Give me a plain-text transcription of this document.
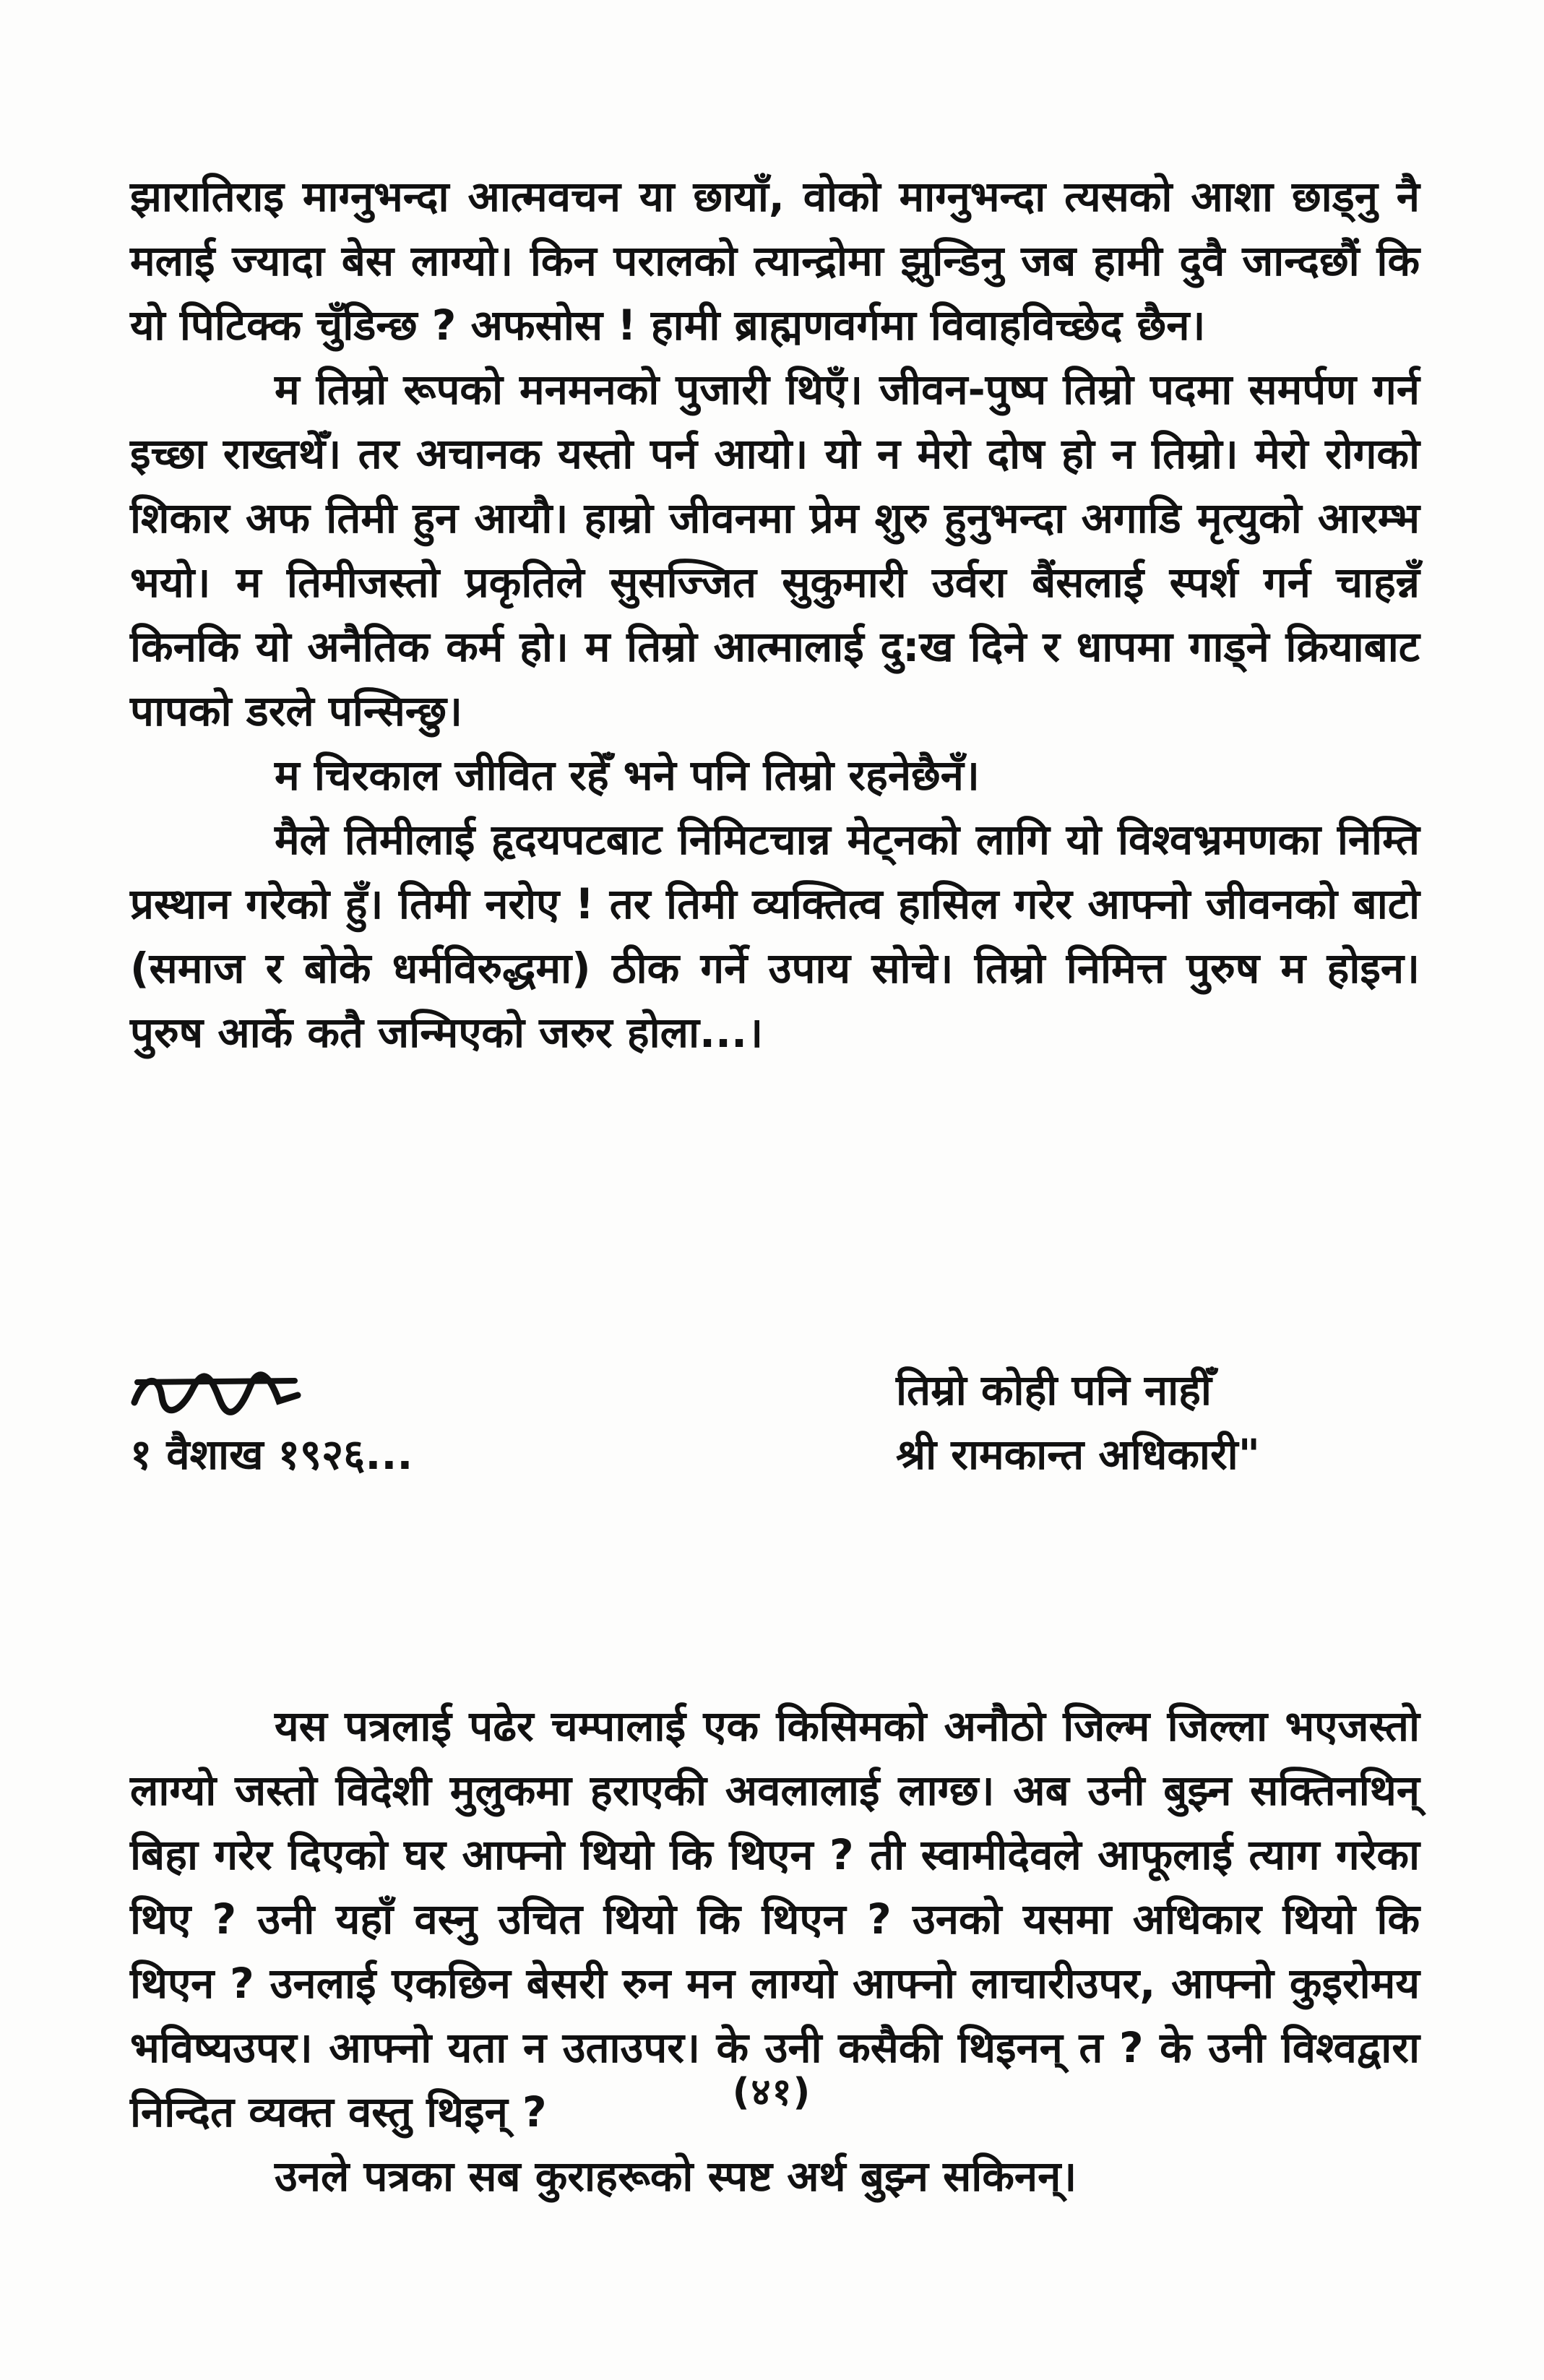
झारातिराइ माग्नुभन्दा आत्मवचन या छायाँ, वोको माग्नुभन्दा त्यसको आशा छाड्नु नै मलाई ज्यादा बेस लाग्यो। किन परालको त्यान्द्रोमा झुन्डिनु जब हामी दुवै जान्दछौं कि यो पिटिक्क चुँडिन्छ ? अफसोस ! हामी ब्राह्मणवर्गमा विवाहविच्छेद छैन।

म तिम्रो रूपको मनमनको पुजारी थिएँ। जीवन-पुष्प तिम्रो पदमा समर्पण गर्न इच्छा राख्तथेँ। तर अचानक यस्तो पर्न आयो। यो न मेरो दोष हो न तिम्रो। मेरो रोगको शिकार अफ तिमी हुन आयौ। हाम्रो जीवनमा प्रेम शुरु हुनुभन्दा अगाडि मृत्युको आरम्भ भयो। म तिमीजस्तो प्रकृतिले सुसज्जित सुकुमारी उर्वरा बैंसलाई स्पर्श गर्न चाहन्नँ किनकि यो अनैतिक कर्म हो। म तिम्रो आत्मालाई दु:ख दिने र धापमा गाड्ने क्रियाबाट पापको डरले पन्सिन्छु।

म चिरकाल जीवित रहेँ भने पनि तिम्रो रहनेछैनँ।

मैले तिमीलाई हृदयपटबाट निमिटचान्न मेट्नको लागि यो विश्वभ्रमणका निम्ति प्रस्थान गरेको हुँ। तिमी नरोए ! तर तिमी व्यक्तित्व हासिल गरेर आफ्नो जीवनको बाटो (समाज र बोके धर्मविरुद्धमा) ठीक गर्ने उपाय सोचे। तिम्रो निमित्त पुरुष म होइन। पुरुष आर्के कतै जन्मिएको जरुर होला...।

१ वैशाख १९२६...
तिम्रो कोही पनि नाहीँ
श्री रामकान्त अधिकारी"

यस पत्रलाई पढेर चम्पालाई एक किसिमको अनौठो जिल्म जिल्ला भएजस्तो लाग्यो जस्तो विदेशी मुलुकमा हराएकी अवलालाई लाग्छ। अब उनी बुझ्न सक्तिनथिन् बिहा गरेर दिएको घर आफ्नो थियो कि थिएन ? ती स्वामीदेवले आफूलाई त्याग गरेका थिए ? उनी यहाँ वस्नु उचित थियो कि थिएन ? उनको यसमा अधिकार थियो कि थिएन ? उनलाई एकछिन बेसरी रुन मन लाग्यो आफ्नो लाचारीउपर, आफ्नो कुइरोमय भविष्यउपर। आफ्नो यता न उताउपर। के उनी कसैकी थिइनन् त ? के उनी विश्वद्वारा निन्दित व्यक्त वस्तु थिइन् ?

उनले पत्रका सब कुराहरूको स्पष्ट अर्थ बुझ्न सकिनन्।

(४१)
